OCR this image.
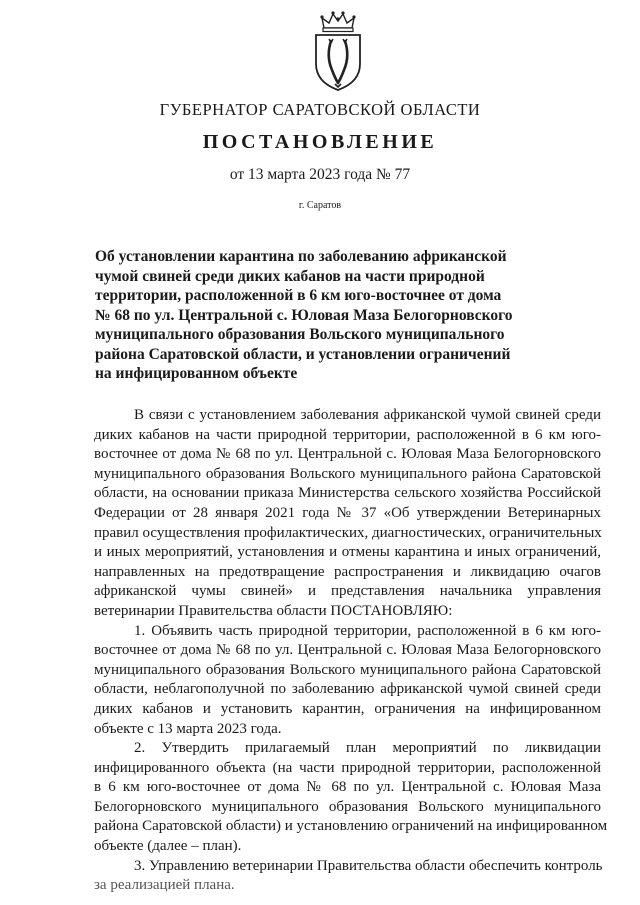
ГУБЕРНАТОР САРАТОВСКОЙ ОБЛАСТИ
ПОСТАНОВЛЕНИЕ
от 13 марта 2023 года № 77
г. Саратов
Об установлении карантина по заболеванию африканской
чумой свиней среди диких кабанов на части природной
территории, расположенной в 6 км юго-восточнее от дома
№ 68 по ул. Центральной с. Юловая Маза Белогорновского
муниципального образования Вольского муниципального
района Саратовской области, и установлении ограничений
на инфицированном объекте
В связи с установлением заболевания африканской чумой свиней среди
диких кабанов на части природной территории, расположенной в 6 км юго-
восточнее от дома № 68 по ул. Центральной с. Юловая Маза Белогорновского
муниципального образования Вольского муниципального района Саратовской
области, на основании приказа Министерства сельского хозяйства Российской
Федерации от 28 января 2021 года № 37 «Об утверждении Ветеринарных
правил осуществления профилактических, диагностических, ограничительных
и иных мероприятий, установления и отмены карантина и иных ограничений,
направленных на предотвращение распространения и ликвидацию очагов
африканской чумы свиней» и представления начальника управления
ветеринарии Правительства области ПОСТАНОВЛЯЮ:
1. Объявить часть природной территории, расположенной в 6 км юго-
восточнее от дома № 68 по ул. Центральной с. Юловая Маза Белогорновского
муниципального образования Вольского муниципального района Саратовской
области, неблагополучной по заболеванию африканской чумой свиней среди
диких кабанов и установить карантин, ограничения на инфицированном
объекте с 13 марта 2023 года.
2. Утвердить прилагаемый план мероприятий по ликвидации
инфицированного объекта (на части природной территории, расположенной
в 6 км юго-восточнее от дома № 68 по ул. Центральной с. Юловая Маза
Белогорновского муниципального образования Вольского муниципального
района Саратовской области) и установлению ограничений на инфицированном
объекте (далее – план).
3. Управлению ветеринарии Правительства области обеспечить контроль
за реализацией плана.
